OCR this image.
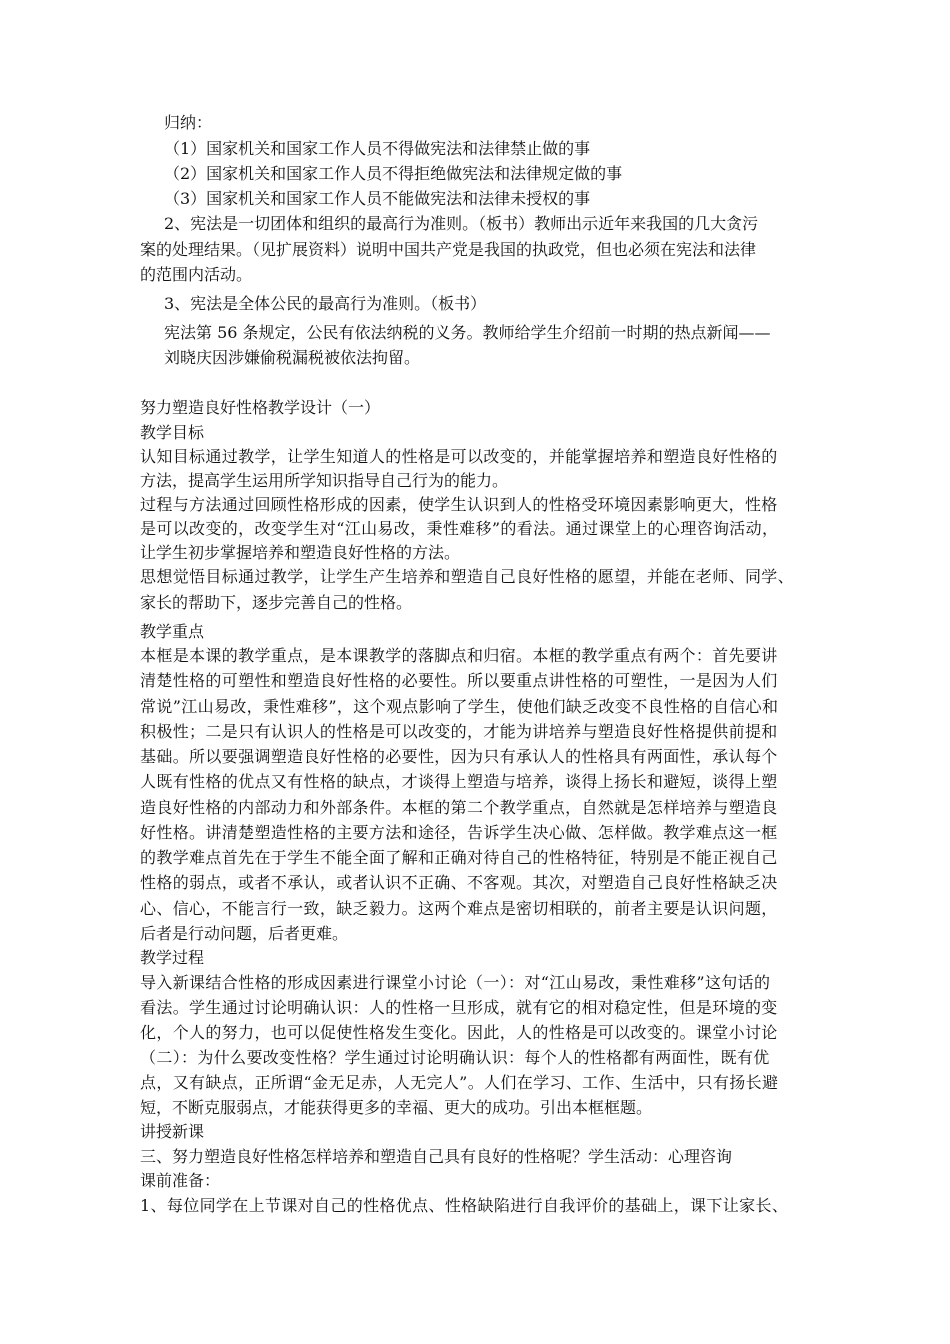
归纳：
（1）国家机关和国家工作人员不得做宪法和法律禁止做的事
（2）国家机关和国家工作人员不得拒绝做宪法和法律规定做的事
（3）国家机关和国家工作人员不能做宪法和法律未授权的事
2、宪法是一切团体和组织的最高行为准则。（板书）教师出示近年来我国的几大贪污
案的处理结果。（见扩展资料）说明中国共产党是我国的执政党，但也必须在宪法和法律
的范围内活动。
3、宪法是全体公民的最高行为准则。（板书）
宪法第 56 条规定，公民有依法纳税的义务。教师给学生介绍前一时期的热点新闻——
刘晓庆因涉嫌偷税漏税被依法拘留。
努力塑造良好性格教学设计（一）
教学目标
认知目标通过教学，让学生知道人的性格是可以改变的，并能掌握培养和塑造良好性格的
方法，提高学生运用所学知识指导自己行为的能力。
过程与方法通过回顾性格形成的因素，使学生认识到人的性格受环境因素影响更大，性格
是可以改变的，改变学生对“江山易改，秉性难移”的看法。通过课堂上的心理咨询活动，
让学生初步掌握培养和塑造良好性格的方法。
思想觉悟目标通过教学，让学生产生培养和塑造自己良好性格的愿望，并能在老师、同学、
家长的帮助下，逐步完善自己的性格。
教学重点
本框是本课的教学重点，是本课教学的落脚点和归宿。本框的教学重点有两个：首先要讲
清楚性格的可塑性和塑造良好性格的必要性。所以要重点讲性格的可塑性，一是因为人们
常说”江山易改，秉性难移”，这个观点影响了学生，使他们缺乏改变不良性格的自信心和
积极性；二是只有认识人的性格是可以改变的，才能为讲培养与塑造良好性格提供前提和
基础。所以要强调塑造良好性格的必要性，因为只有承认人的性格具有两面性，承认每个
人既有性格的优点又有性格的缺点，才谈得上塑造与培养，谈得上扬长和避短，谈得上塑
造良好性格的内部动力和外部条件。本框的第二个教学重点，自然就是怎样培养与塑造良
好性格。讲清楚塑造性格的主要方法和途径，告诉学生决心做、怎样做。教学难点这一框
的教学难点首先在于学生不能全面了解和正确对待自己的性格特征，特别是不能正视自己
性格的弱点，或者不承认，或者认识不正确、不客观。其次，对塑造自己良好性格缺乏决
心、信心，不能言行一致，缺乏毅力。这两个难点是密切相联的，前者主要是认识问题，
后者是行动问题，后者更难。
教学过程
导入新课结合性格的形成因素进行课堂小讨论（一）：对“江山易改，秉性难移”这句话的
看法。学生通过讨论明确认识：人的性格一旦形成，就有它的相对稳定性，但是环境的变
化，个人的努力，也可以促使性格发生变化。因此，人的性格是可以改变的。课堂小讨论
（二）：为什么要改变性格？学生通过讨论明确认识：每个人的性格都有两面性，既有优
点，又有缺点，正所谓“金无足赤，人无完人”。人们在学习、工作、生活中，只有扬长避
短，不断克服弱点，才能获得更多的幸福、更大的成功。引出本框框题。
讲授新课
三、努力塑造良好性格怎样培养和塑造自己具有良好的性格呢？学生活动：心理咨询
课前准备：
1、每位同学在上节课对自己的性格优点、性格缺陷进行自我评价的基础上，课下让家长、
